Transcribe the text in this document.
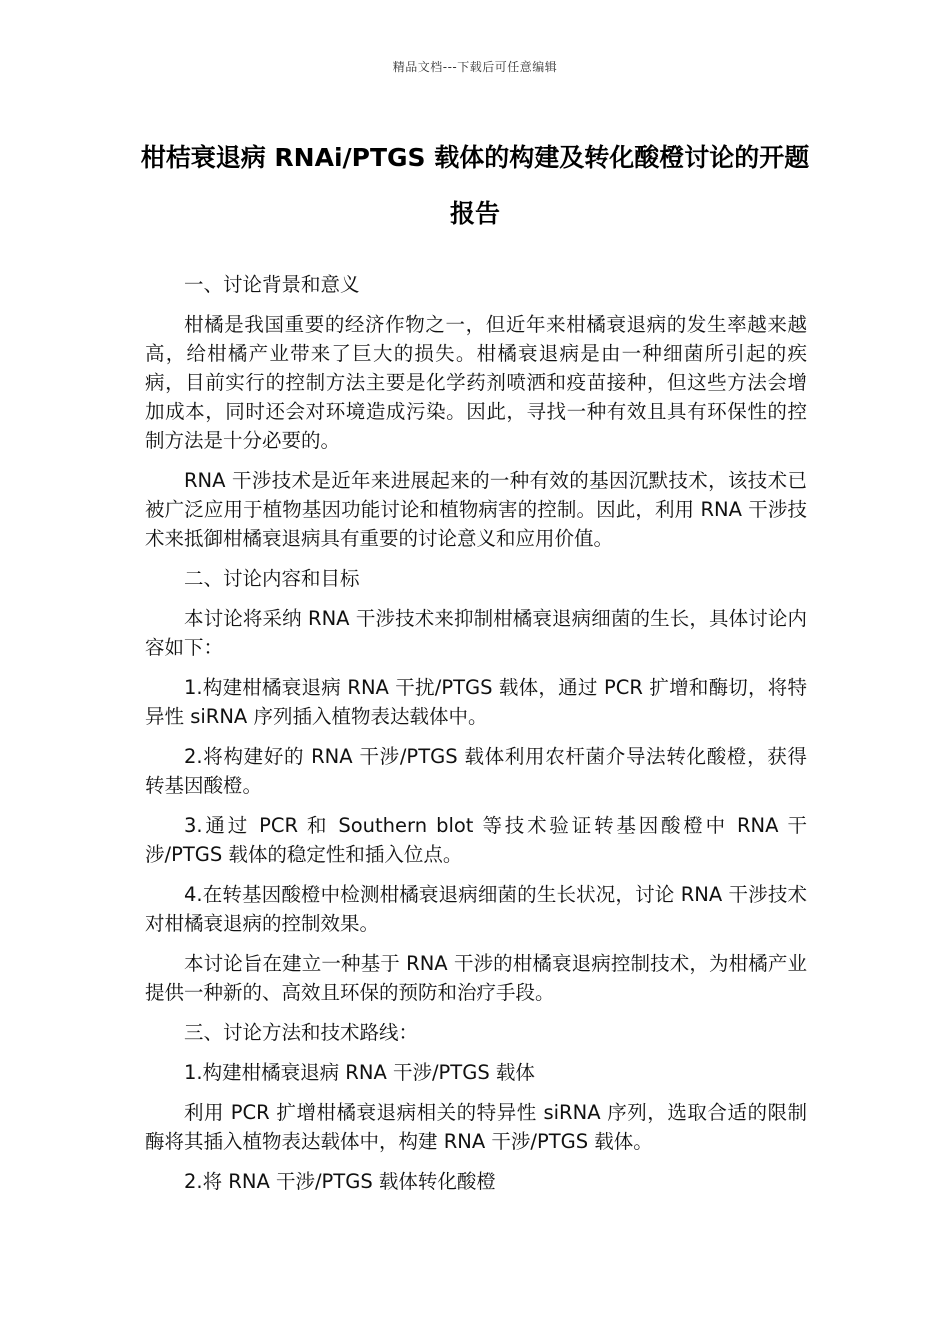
精品文档---下载后可任意编辑
柑桔衰退病 RNAi/PTGS 载体的构建及转化酸橙讨论的开题报告

一、讨论背景和意义

柑橘是我国重要的经济作物之一，但近年来柑橘衰退病的发生率越来越高，给柑橘产业带来了巨大的损失。柑橘衰退病是由一种细菌所引起的疾病，目前实行的控制方法主要是化学药剂喷洒和疫苗接种，但这些方法会增加成本，同时还会对环境造成污染。因此，寻找一种有效且具有环保性的控制方法是十分必要的。

RNA 干涉技术是近年来进展起来的一种有效的基因沉默技术，该技术已被广泛应用于植物基因功能讨论和植物病害的控制。因此，利用 RNA 干涉技术来抵御柑橘衰退病具有重要的讨论意义和应用价值。

二、讨论内容和目标

本讨论将采纳 RNA 干涉技术来抑制柑橘衰退病细菌的生长，具体讨论内容如下：

1.构建柑橘衰退病 RNA 干扰/PTGS 载体，通过 PCR 扩增和酶切，将特异性 siRNA 序列插入植物表达载体中。

2.将构建好的 RNA 干涉/PTGS 载体利用农杆菌介导法转化酸橙，获得转基因酸橙。

3.通过 PCR 和 Southern blot 等技术验证转基因酸橙中 RNA 干涉/PTGS 载体的稳定性和插入位点。

4.在转基因酸橙中检测柑橘衰退病细菌的生长状况，讨论 RNA 干涉技术对柑橘衰退病的控制效果。

本讨论旨在建立一种基于 RNA 干涉的柑橘衰退病控制技术，为柑橘产业提供一种新的、高效且环保的预防和治疗手段。

三、讨论方法和技术路线：

1.构建柑橘衰退病 RNA 干涉/PTGS 载体

利用 PCR 扩增柑橘衰退病相关的特异性 siRNA 序列，选取合适的限制酶将其插入植物表达载体中，构建 RNA 干涉/PTGS 载体。

2.将 RNA 干涉/PTGS 载体转化酸橙
